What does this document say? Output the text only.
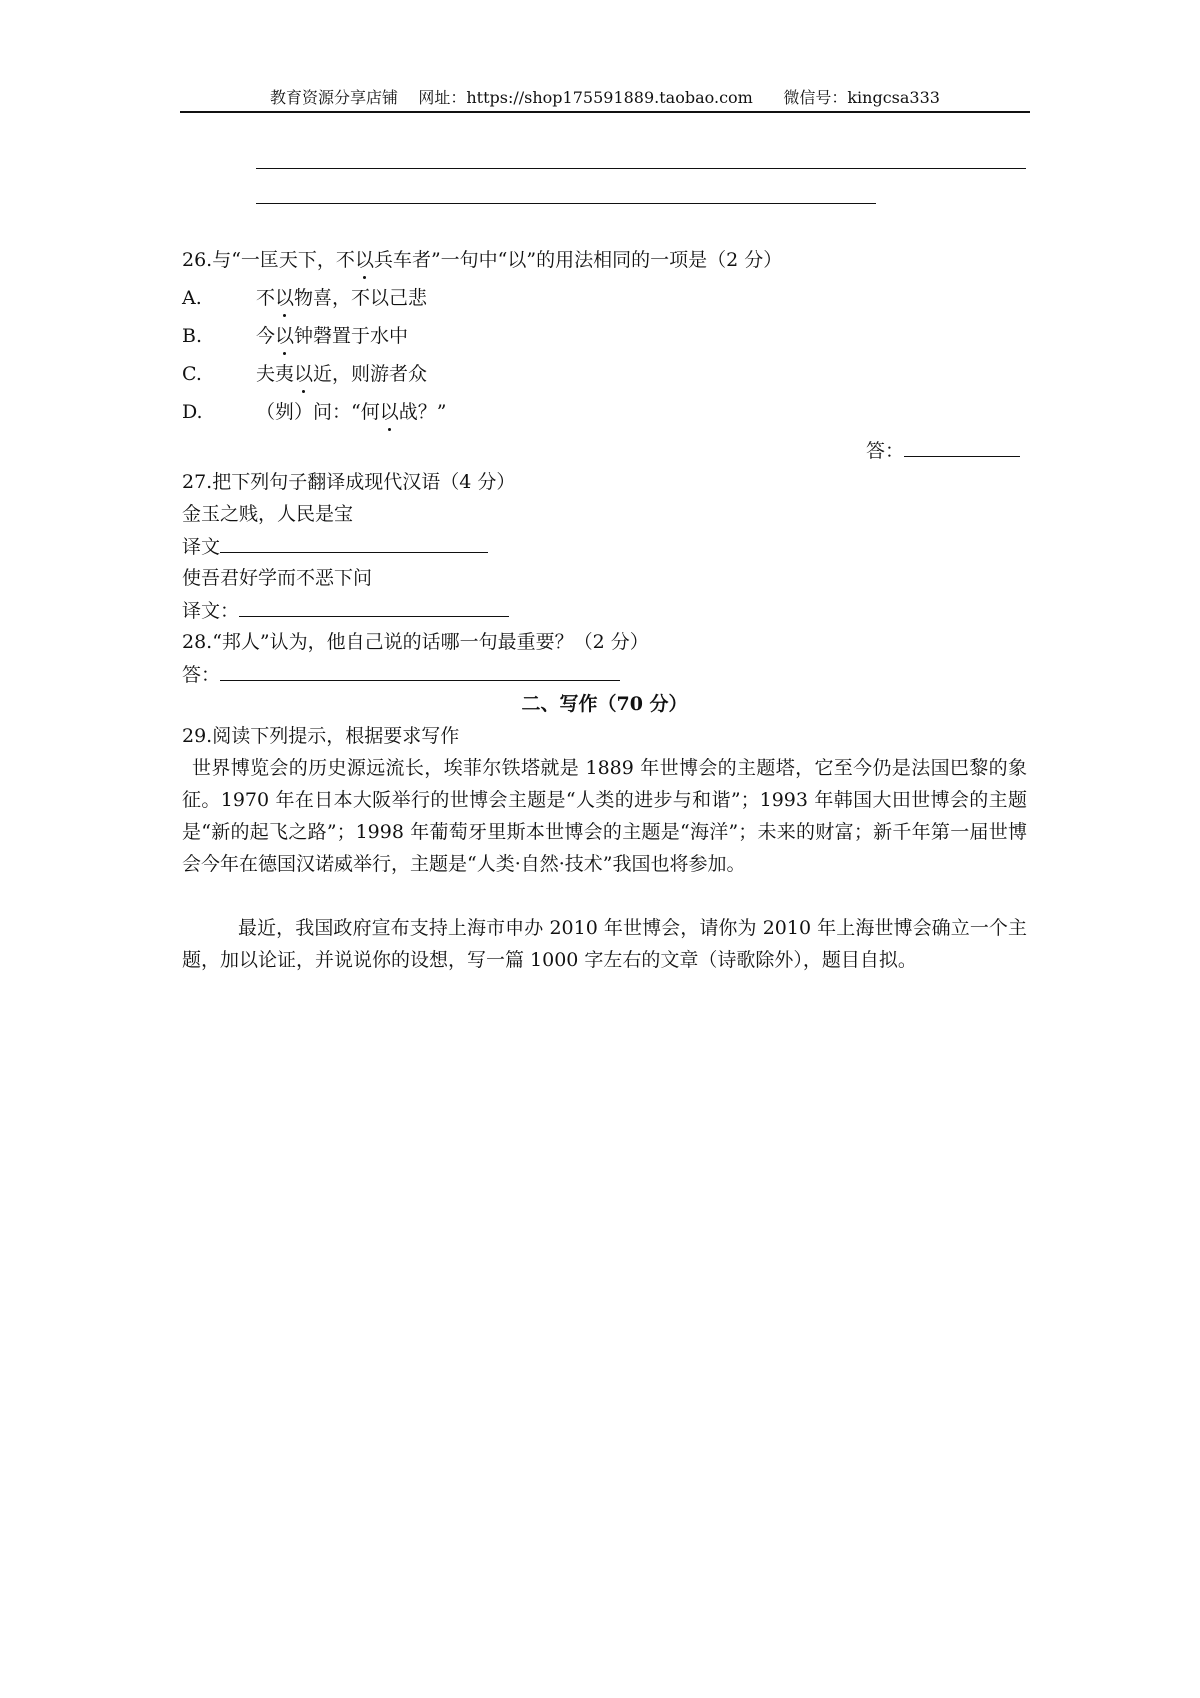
教育资源分享店铺    网址：https://shop175591889.taobao.com      微信号：kingcsa333
26.与“一匡天下，不以兵车者”一句中“以”的用法相同的一项是（2 分）
A.	不以物喜，不以己悲
B.	今以钟磬置于水中
C.	夫夷以近，则游者众
D.	（刿）问：“何以战？”
答：
27.把下列句子翻译成现代汉语（4 分）
金玉之贱，人民是宝
译文
使吾君好学而不恶下问
译文：
28.“邦人”认为，他自己说的话哪一句最重要？（2 分）
答：
二、写作（70 分）
29.阅读下列提示，根据要求写作
世界博览会的历史源远流长，埃菲尔铁塔就是 1889 年世博会的主题塔，它至今仍是法国巴黎的象征。1970 年在日本大阪举行的世博会主题是“人类的进步与和谐”；1993 年韩国大田世博会的主题是“新的起飞之路”；1998 年葡萄牙里斯本世博会的主题是“海洋”；未来的财富；新千年第一届世博会今年在德国汉诺威举行，主题是“人类·自然·技术”我国也将参加。
最近，我国政府宣布支持上海市申办 2010 年世博会，请你为 2010 年上海世博会确立一个主题，加以论证，并说说你的设想，写一篇 1000 字左右的文章（诗歌除外），题目自拟。
